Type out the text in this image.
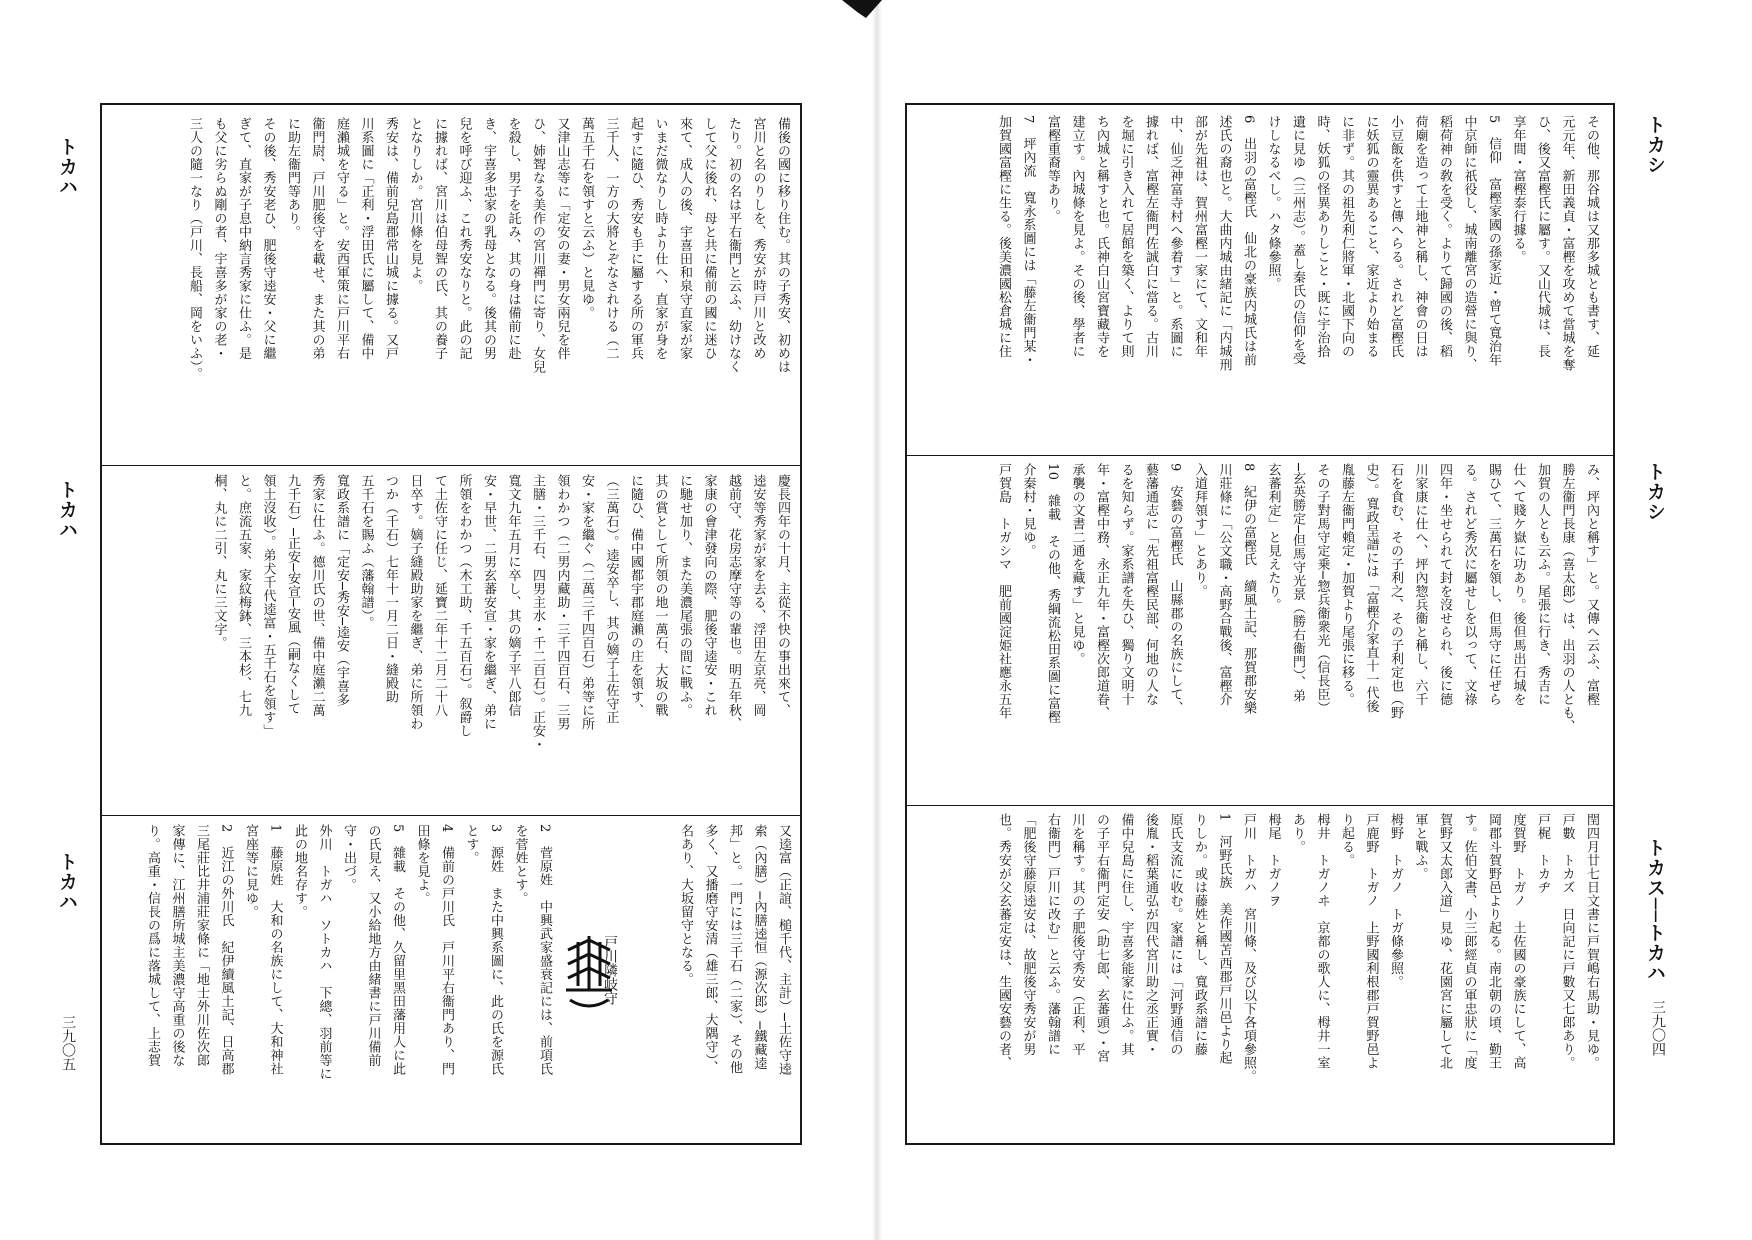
トカハ
トカハ
トカハ
三九〇五
備後の國に移り住む。其の子秀安、初めは
宮川と名のりしを、秀安が時戸川と改め
たり。初の名は平右衞門と云ふ、幼けなく
して父に後れ、母と共に備前の國に迷ひ
來て、成人の後、宇喜田和泉守直家が家
いまだ微なりし時より仕へ、直家が身を
起すに隨ひ、秀安も手に屬する所の軍兵
三千人、一方の大將とぞなされける（二
萬五千石を領すと云ふ）と見ゆ。
又津山志等に「定安の妻・男女兩兒を伴
ひ、姉聟なる美作の宮川禪門に寄り、女兒
を殺し、男子を託み、其の身は備前に赴
き、宇喜多忠家の乳母となる。後其の男
兒を呼び迎ふ、これ秀安なりと。此の記
に據れば、宮川は伯母聟の氏、其の養子
となりしか。宮川條を見よ。
秀安は、備前兒島郡常山城に據る。又戸
川系圖に「正利・浮田氏に屬して、備中
庭瀨城を守る」と。安西軍策に戸川平右
衞門尉、戸川肥後守を載せ、また其の弟
に助左衞門等あり。
その後、秀安老ひ、肥後守逵安・父に繼
ぎて、直家が子息中納言秀家に仕ふ。是
も父に劣らぬ剛の者、宇喜多が家の老・
三人の隨一なり（戸川、長船、岡をいふ）。
慶長四年の十月、主從不快の事出來て、
逵安等秀家が家を去る、浮田左京亮、岡
越前守、花房志摩守等の輩也。明五年秋、
家康の會津發向の際、肥後守逵安・これ
に馳せ加り、また美濃尾張の間に戰ふ。
其の賞として所領の地一萬石、大坂の戰
に隨ひ、備中國都宇郡庭瀨の庄を領す、
（三萬石）。逵安卒し、其の嫡子土佐守正
安・家を繼ぐ（二萬三千四百石）弟等に所
領わかつ（二男内藏助・三千四百石、三男
主膳・三千石、四男主水・千二百石）。正安・
寬文九年五月に卒し、其の嫡子平八郎信
安・早世、二男玄蕃安宣・家を繼ぎ、弟に
所領をわかつ（木工助、千五百石）。叙爵し
て土佐守に任じ、延寶二年十二月二十八
日卒す。嫡子縫殿助家を繼ぎ、弟に所領わ
つか（千石）七年十一月二日・縫殿助
五千石を賜ふ（藩翰譜）。
寬政系譜に「定安─秀安─逵安（宇喜多
秀家に仕ふ。德川氏の世、備中庭瀨二萬
九千石）─正安─安宣─安風（嗣なくして
領土沒收）。弟犬千代逵富・五千石を領す」
と。庶流五家、家紋梅鉢、三本杉、七九
桐、丸に二引、丸に三文字。
又逵富（正誼、槌千代、主計）─土佐守逵
索（內膳）─內膳逵恒（源次郎）─鐵藏逵
邦」と。一門には三千石（二家）、その他
多く、又播磨守安清（雄三郎、大隅守）、
名あり、大坂留守となる。
戸川隣岐守
2　菅原姓　中興武家盛衰記には、前項氏
を菅姓とす。
3　源姓　また中興系圖に、此の氏を源氏
とす。
4　備前の戸川氏　戸川平右衞門あり、門
田條を見よ。
5　雜載　その他、久留里黑田藩用人に此
の氏見え、又小給地方由緒書に戸川備前
守・出づ。
外川　トガハ　ソトカハ　下總、羽前等に
此の地名存す。
1　藤原姓　大和の名族にして、大和神社
宮座等に見ゆ。
2　近江の外川氏　紀伊續風土記、日高郡
三尾莊比井浦莊家條に「地士外川佐次郎
家傳に、江州膳所城主美濃守高重の後な
り。高重・信長の爲に落城して、上志賀
トカシ
トカシ
トカス──トカハ
三九〇四
その他、那谷城は又那多城とも書す、延
元元年、新田義貞・富樫を攻めて當城を奪
ひ、後又富樫氏に屬す。又山代城は、長
享年間・富樫泰行據る。
5　信仰　富樫家國の孫家近・曾て寬治年
中京師に祇役し、城南離宮の造營に與り、
稻荷神の敎を受く。よりて歸國の後、稻
荷廟を造って土地神と稱し、神會の日は
小豆飯を供すと傳へらる。されど富樫氏
に妖狐の靈異あること、家近より始まる
に非ず。其の祖先利仁將軍・北國下向の
時、妖狐の怪異ありしこと・既に宇治拾
遺に見ゆ（三州志）。蓋し秦氏の信仰を受
けしなるべし。ハタ條參照。
6　出羽の富樫氏　仙北の豪族内城氏は前
述氏の裔也と。大曲内城由緒記に「内城刑
部が先祖は、賀州富樫一家にて、文和年
中、仙乏神富寺村へ參着す」と。系圖に
據れば、富樫左衞門佐誠白に當る。古川
を堀に引き入れて居館を築く、よりて則
ち內城と稱すと也。氏神白山宮寶藏寺を
建立す。內城條を見よ。その後、學者に
富樫重裔等あり。
7　坪內流　寬永系圖には「藤左衞門某・
加賀國富樫に生る。後美濃國松倉城に住
み、坪內と稱す」と。又傳へ云ふ、富樫
勝左衞門長康（喜太郎）は、出羽の人とも、
加賀の人とも云ふ。尾張に行き、秀吉に
仕へて賤ケ嶽に功あり。後但馬出石城を
賜ひて、三萬石を領し、但馬守に任ぜら
る。されど秀次に屬せしを以って、文祿
四年・坐せられて封を沒せられ、後に德
川家康に仕へ、坪內惣兵衞と稱し、六千
石を食む、その子利之、その子利定也（野
史）。寬政呈譜には「富樫介家直十一代後
胤藤左衞門賴定・加賀より尾張に移る。
その子對馬守定乗─惣兵衞衆光（信長臣）
─玄英勝定─但馬守光景（勝右衞門）、弟
玄蕃利定」と見えたり。
8　紀伊の富樫氏　續風土記、那賀郡安樂
川莊條に「公文職・高野合戰後、富樫介
入道拜領す」とあり。
9　安藝の富樫氏　山縣郡の名族にして、
藝藩通志に「先祖富樫民部、何地の人な
るを知らず。家系譜を失ひ、獨り文明十
年・富樫中務、永正九年・富樫次郎道眷、
承襲の文書二通を藏す」と見ゆ。
10　雜載　その他、秀綱流松田系圖に富樫
介秦村・見ゆ。
戸賀島　トガシマ　肥前國淀姫社應永五年
閏四月廿七日文書に戸賀嶋右馬助・見ゆ。
戸數　トカズ　日向記に戸數又七郎あり。
戸梶　トカヂ
度賀野　トガノ　土佐國の豪族にして、高
岡郡斗賀野邑より起る。南北朝の頃、勤王
す。佐伯文書、小三郎經貞の軍忠狀に「度
賀野又太郎入道」見ゆ、花園宮に屬して北
軍と戰ふ。
栂野　トガノ　トガ條參照。
戸鹿野　トガノ　上野國利根郡戸賀野邑よ
り起る。
栂井　トガノヰ　京都の歌人に、栂井一室
あり。
栂尾　トガノヲ
戸川　トガハ　宮川條、及び以下各項參照。
1　河野氏族　美作國苫西郡戸川邑より起
りしか。或は藤姓と稱し、寬政系譜に藤
原氏支流に收む。家譜には「河野通信の
後胤・稻葉通弘が四代宮川助之丞正實・
備中兒島に住し、宇喜多能家に仕ふ。其
の子平右衞門定安（助七郎、玄蕃頭）・宮
川を稱す。其の子肥後守秀安（正利、平
右衞門）戸川に改む」と云ふ。藩翰譜に
「肥後守藤原逵安は、故肥後守秀安が男
也。秀安が父玄蕃定安は、生國安藝の者、
